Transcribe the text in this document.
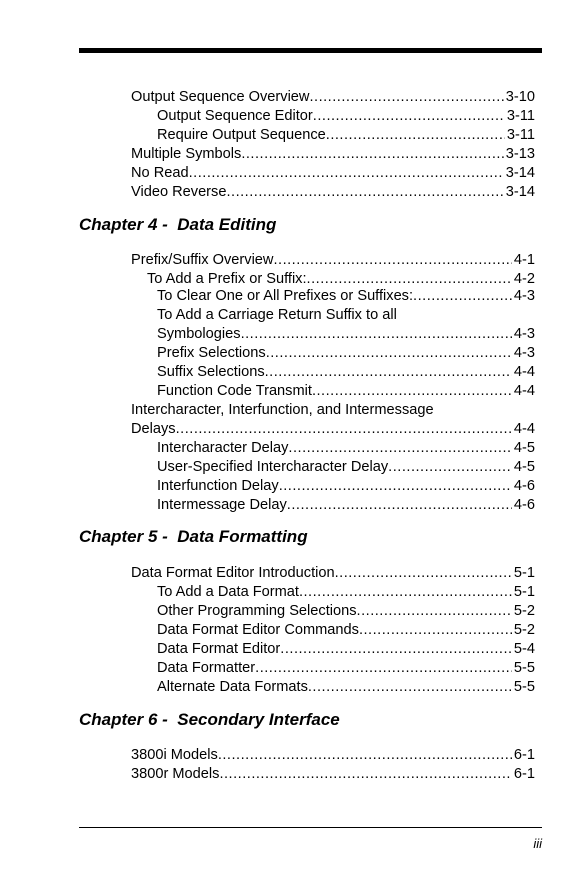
Output Sequence Overview .....	3-10
Output Sequence Editor .....	3-11
Require Output Sequence .....	3-11
Multiple Symbols .....	3-13
No Read .....	3-14
Video Reverse .....	3-14
Chapter 4 -  Data Editing
Prefix/Suffix Overview .....	4-1
To Add a Prefix or Suffix: .....	4-2
To Clear One or All Prefixes or Suffixes: .....	4-3
To Add a Carriage Return Suffix to all
Symbologies .....	4-3
Prefix Selections .....	4-3
Suffix Selections .....	4-4
Function Code Transmit .....	4-4
Intercharacter, Interfunction, and Intermessage
Delays .....	4-4
Intercharacter Delay .....	4-5
User-Specified Intercharacter Delay .....	4-5
Interfunction Delay .....	4-6
Intermessage Delay .....	4-6
Chapter 5 -  Data Formatting
Data Format Editor Introduction .....	5-1
To Add a Data Format .....	5-1
Other Programming Selections .....	5-2
Data Format Editor Commands .....	5-2
Data Format Editor .....	5-4
Data Formatter .....	5-5
Alternate Data Formats .....	5-5
Chapter 6 -  Secondary Interface
3800i Models .....	6-1
3800r Models .....	6-1
iii
